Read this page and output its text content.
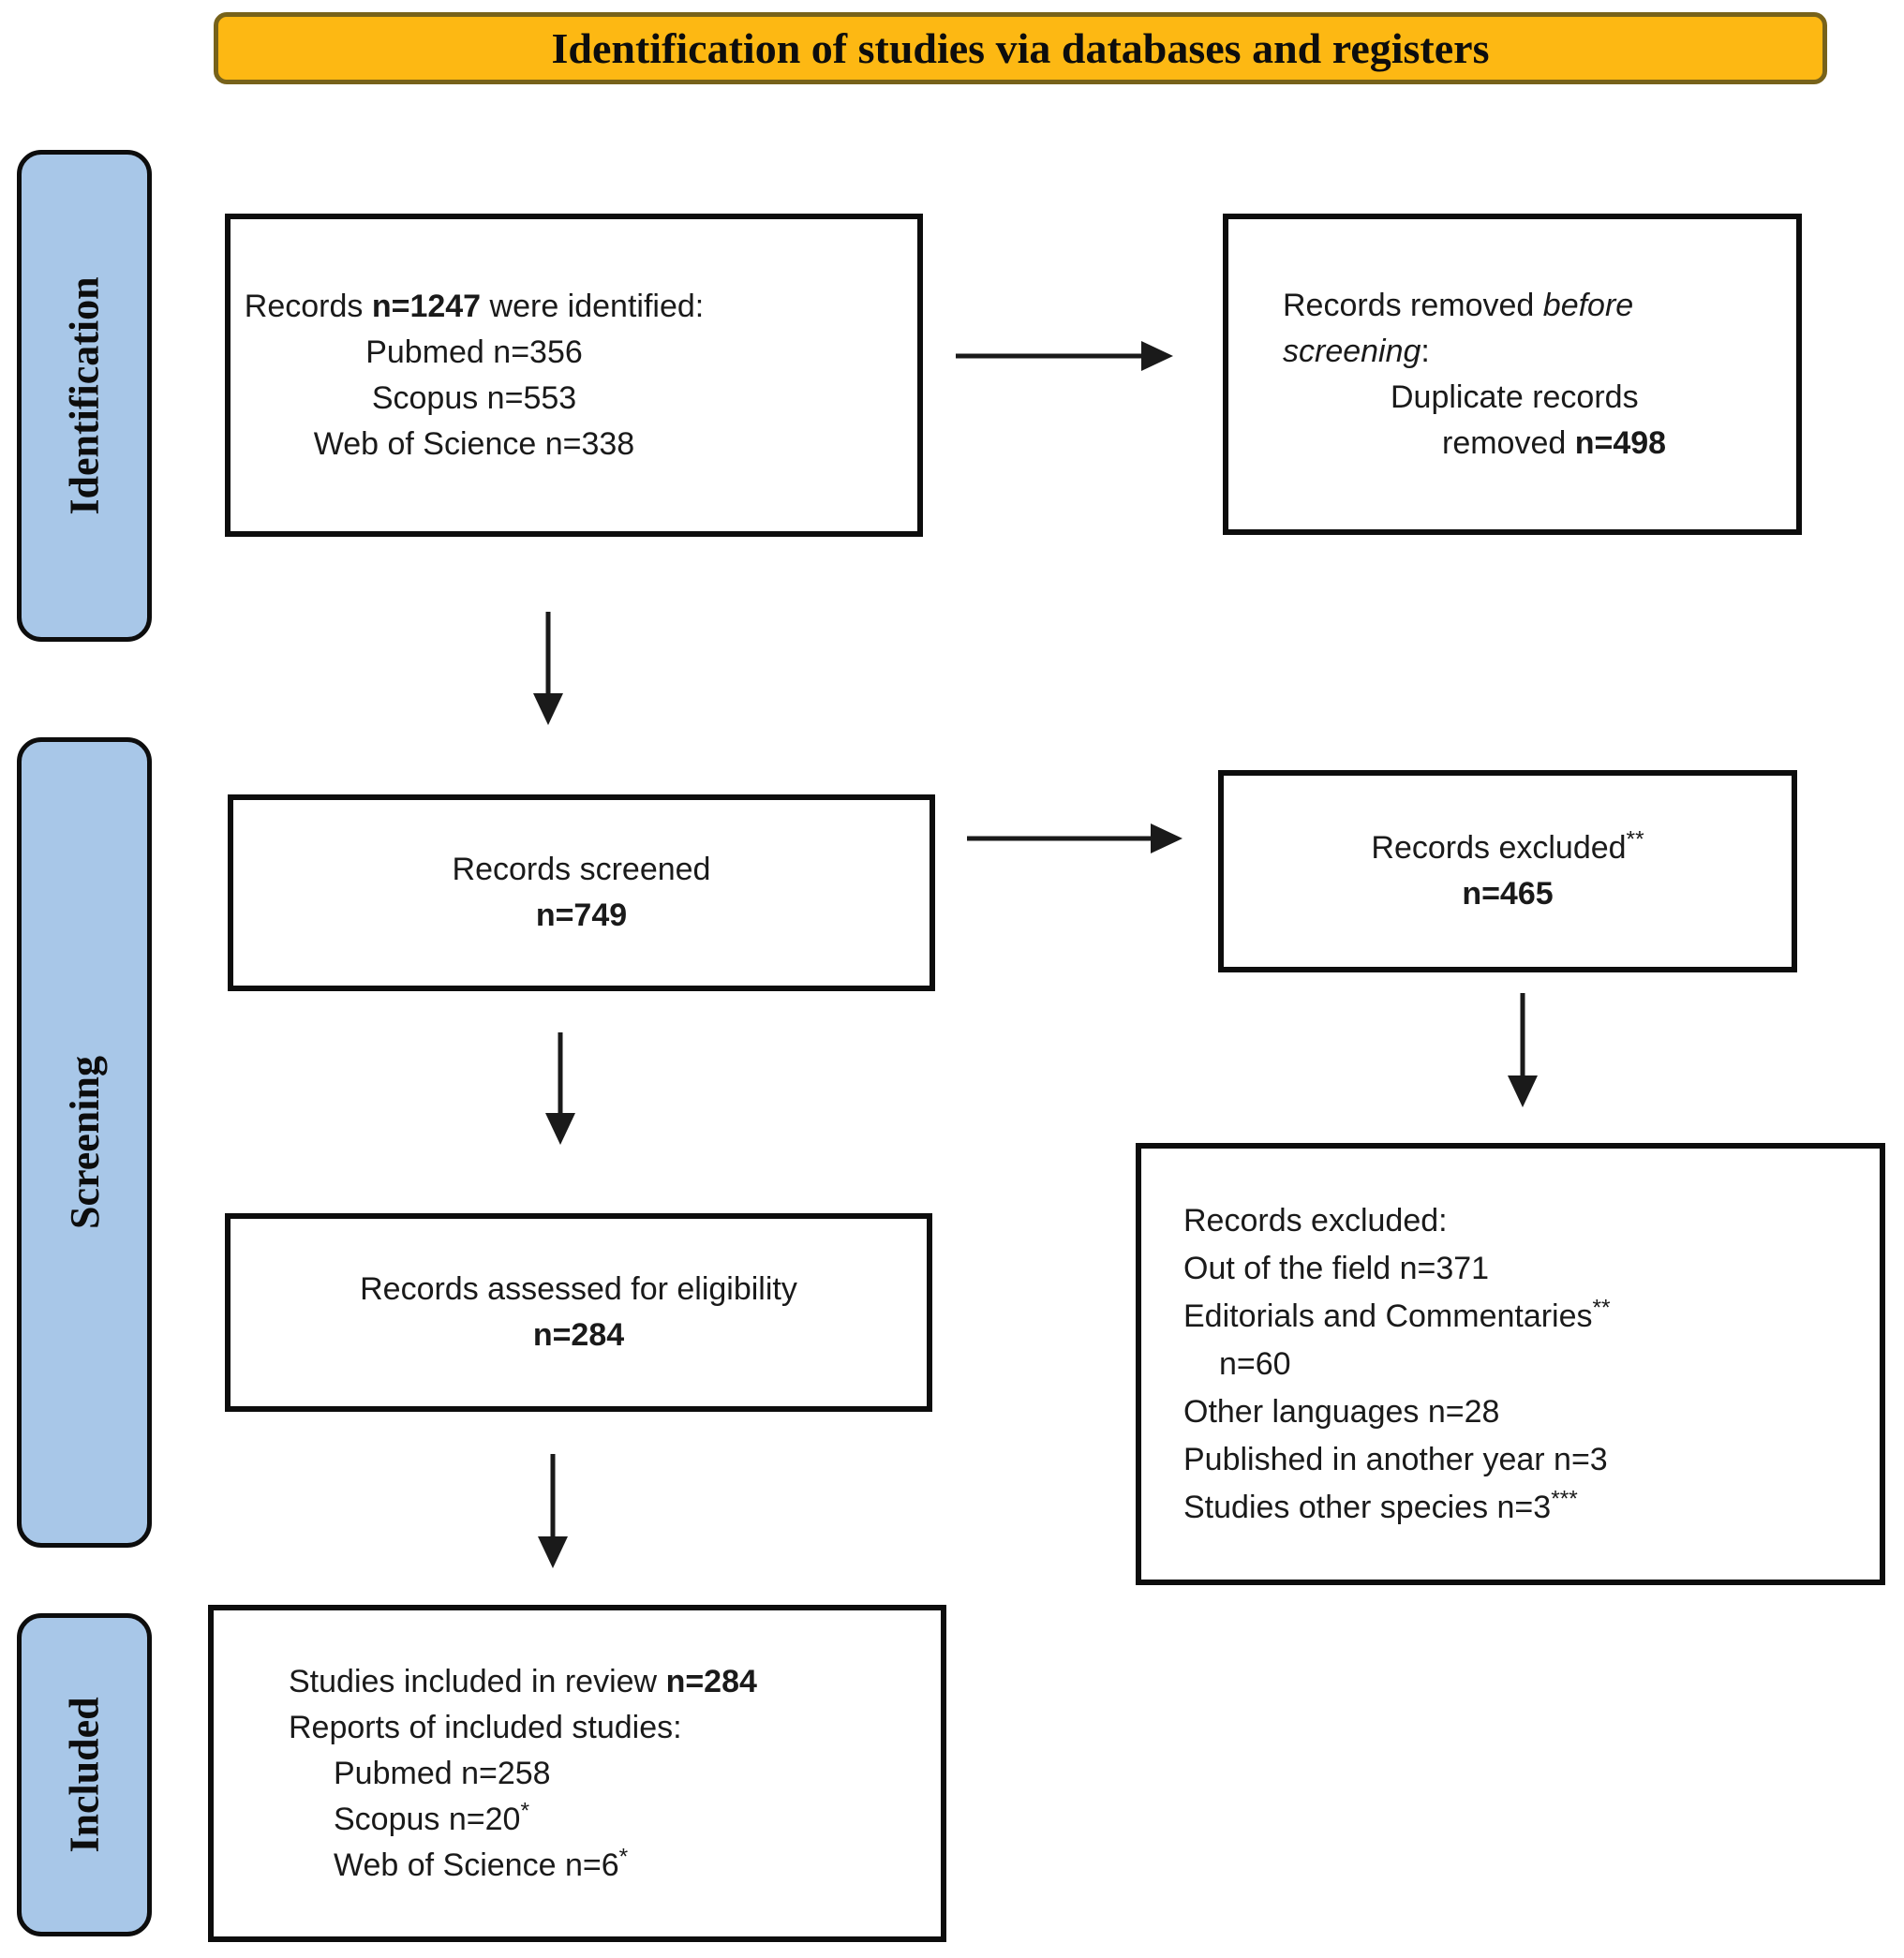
Identification of studies via databases and registers
Identification
Screening
Included
Records n=1247 were identified:
Pubmed n=356
Scopus n=553
Web of Science n=338
Records removed before screening:
Duplicate records
removed n=498
Records screened
n=749
Records excluded**
n=465
Records excluded:
Out of the field n=371
Editorials and Commentaries**
n=60
Other languages n=28
Published in another year n=3
Studies other species n=3***
Records assessed for eligibility
n=284
Studies included in review n=284
Reports of included studies:
Pubmed n=258
Scopus n=20*
Web of Science n=6*
